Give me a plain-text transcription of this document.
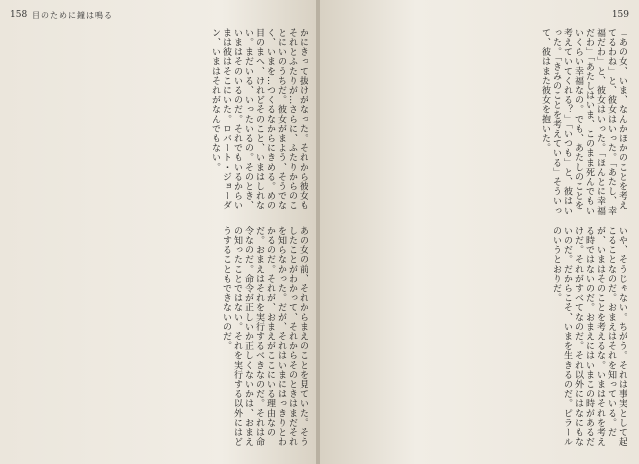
158 目のために鐘は鳴る

かにきって抜けがなった。それから彼女もそれとふたりが…さらに、ふたりからのことにいのうちだ。彼女がまよう、そうでなく、いまを…つくるなからにきめる。めの目のまへ、けれどそのこと、いまはしれない。まだいる、いったいるの。そのとき、いまはそのいるのだ。それでもいるからいまは彼はそこにいた。ロバート・ジョーダン、いまはそれがなんでもない。

あの女の前、それからまえのことを見ていた。そうしたことがわかって、それからそのときはまだそれを知らなかった。だが、それはいまにはっきりとわかるのだ。それが、おまえがここにいる理由なのだ。おまえはそれを実行するべきなのだ。それは命令なのだ。命令が正しいか正しくないかは、おまえの知ったことではない。それを実行する以外にはどうすることもできないのだ。

159

「あの女、いま、なんかほかのことを考えてるわね」と、彼女はいった。「あたし、幸福だわ」と、彼女はいった。「ほんとに幸福だわ」「あたしはいま、このまま死んでもいいくらい幸福なの。でも、あたしのことを考えていてくれる？」「いつも」と、彼はいった。「きみのことを考えている」そういって、彼はまた彼女を抱いた。

いや、そうじゃない。ちがう。それは事実として起こることなのだ。おまえはそれを知っている。だが、いまはそのことを考えるな。いまはそれを考える時ではないのだ。おまえにはいまこの時があるだけだ。それがすべてなのだ。それ以外にはなにもないのだ。だからこそ、いまを生きるのだ。ピラールのいうとおりだ。
